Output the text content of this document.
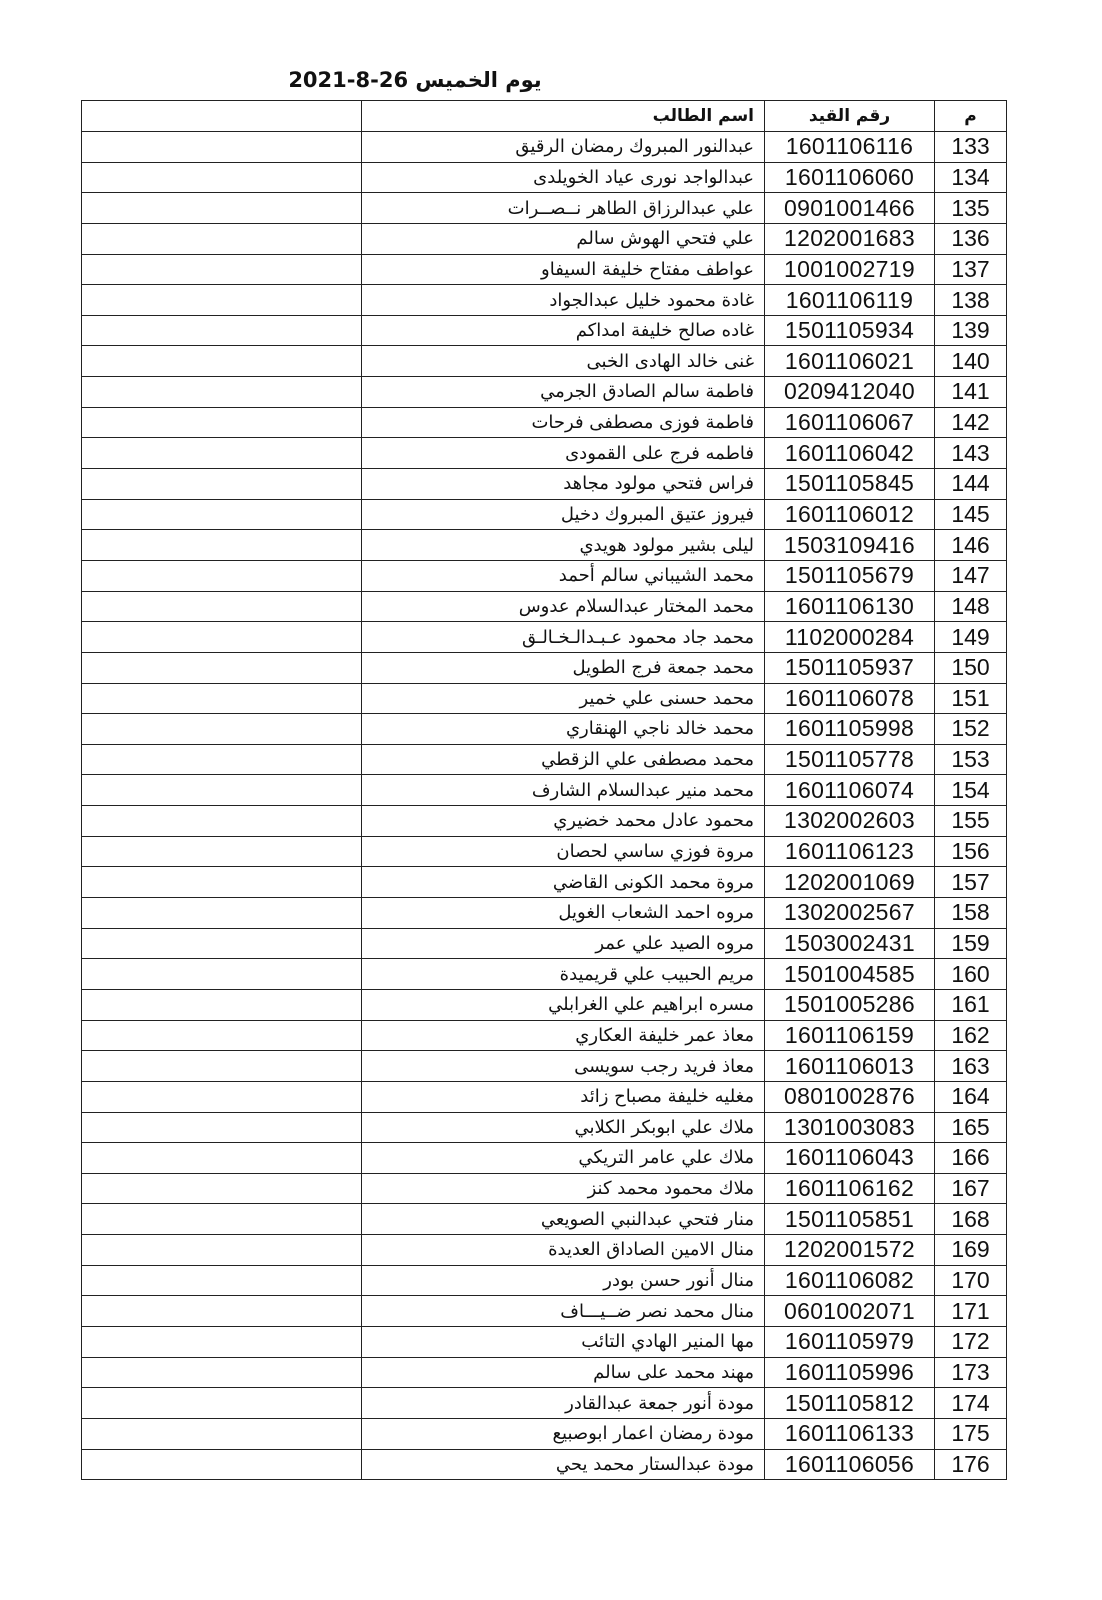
يوم الخميس 26-8-2021
م	رقم القيد	اسم الطالب	
133	1601106116	عبدالنور المبروك رمضان الرقيق	
134	1601106060	عبدالواجد نورى عياد الخويلدى	
135	0901001466	علي عبدالرزاق الطاهر نــصــرات	
136	1202001683	علي فتحي الهوش سالم	
137	1001002719	عواطف مفتاح خليفة السيفاو	
138	1601106119	غادة محمود خليل عبدالجواد	
139	1501105934	غاده صالح خليفة امداكم	
140	1601106021	غنى خالد الهادى الخبى	
141	0209412040	فاطمة سالم الصادق الجرمي	
142	1601106067	فاطمة فوزى مصطفى فرحات	
143	1601106042	فاطمه فرج على القمودى	
144	1501105845	فراس فتحي مولود مجاهد	
145	1601106012	فيروز عتيق المبروك دخيل	
146	1503109416	ليلى بشير مولود هويدي	
147	1501105679	محمد الشيباني سالم أحمد	
148	1601106130	محمد المختار عبدالسلام عدوس	
149	1102000284	محمد جاد محمود عـبـدالـخـالـق	
150	1501105937	محمد جمعة فرج الطويل	
151	1601106078	محمد حسنى علي خمير	
152	1601105998	محمد خالد ناجي الهنقاري	
153	1501105778	محمد مصطفى علي الزقطي	
154	1601106074	محمد منير عبدالسلام الشارف	
155	1302002603	محمود عادل محمد خضيري	
156	1601106123	مروة فوزي ساسي لحصان	
157	1202001069	مروة محمد الكونى القاضي	
158	1302002567	مروه احمد الشعاب الغويل	
159	1503002431	مروه الصيد علي عمر	
160	1501004585	مريم الحبيب علي قريميدة	
161	1501005286	مسره ابراهيم علي الغرابلي	
162	1601106159	معاذ عمر خليفة العكاري	
163	1601106013	معاذ فريد رجب سويسى	
164	0801002876	مغليه خليفة مصباح زائد	
165	1301003083	ملاك علي ابوبكر الكلابي	
166	1601106043	ملاك علي عامر التريكي	
167	1601106162	ملاك محمود محمد كنز	
168	1501105851	منار فتحي عبدالنبي الصويعي	
169	1202001572	منال الامين الصاداق العديدة	
170	1601106082	منال أنور حسن بودر	
171	0601002071	منال محمد نصر ضــيـــاف	
172	1601105979	مها المنير الهادي التائب	
173	1601105996	مهند محمد على سالم	
174	1501105812	مودة أنور جمعة عبدالقادر	
175	1601106133	مودة رمضان اعمار ابوصبيع	
176	1601106056	مودة عبدالستار محمد يحي	
